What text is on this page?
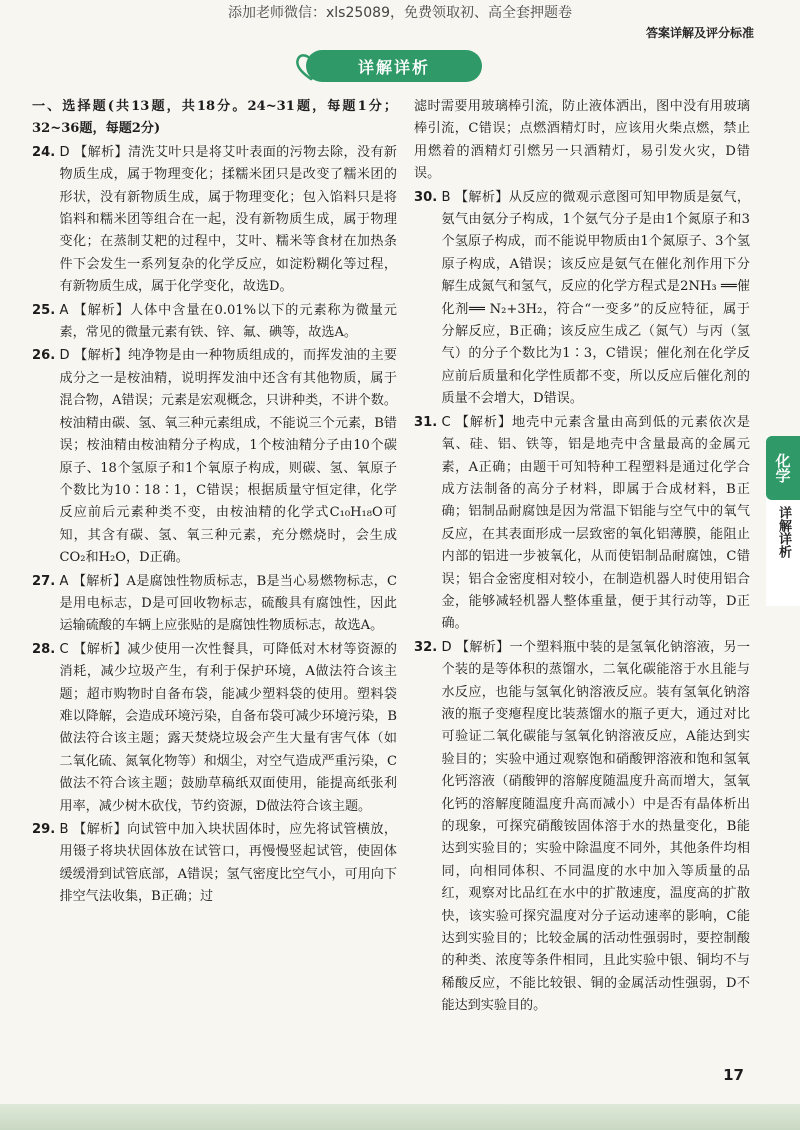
添加老师微信：xls25089，免费领取初、高全套押题卷
答案详解及评分标准
详解详析

一、选择题(共13题，共18分。24~31题，每题1分；32~36题，每题2分)

24. D 【解析】清洗艾叶只是将艾叶表面的污物去除，没有新物质生成，属于物理变化；揉糯米团只是改变了糯米团的形状，没有新物质生成，属于物理变化；包入馅料只是将馅料和糯米团等组合在一起，没有新物质生成，属于物理变化；在蒸制艾粑的过程中，艾叶、糯米等食材在加热条件下会发生一系列复杂的化学反应，如淀粉糊化等过程，有新物质生成，属于化学变化，故选D。

25. A 【解析】人体中含量在0.01%以下的元素称为微量元素，常见的微量元素有铁、锌、氟、碘等，故选A。

26. D 【解析】纯净物是由一种物质组成的，而挥发油的主要成分之一是桉油精，说明挥发油中还含有其他物质，属于混合物，A错误；元素是宏观概念，只讲种类，不讲个数。桉油精由碳、氢、氧三种元素组成，不能说三个元素，B错误；桉油精由桉油精分子构成，1个桉油精分子由10个碳原子、18个氢原子和1个氧原子构成，则碳、氢、氧原子个数比为10∶18∶1，C错误；根据质量守恒定律，化学反应前后元素种类不变，由桉油精的化学式C₁₀H₁₈O可知，其含有碳、氢、氧三种元素，充分燃烧时，会生成CO₂和H₂O，D正确。

27. A 【解析】A是腐蚀性物质标志，B是当心易燃物标志，C是用电标志，D是可回收物标志，硫酸具有腐蚀性，因此运输硫酸的车辆上应张贴的是腐蚀性物质标志，故选A。

28. C 【解析】减少使用一次性餐具，可降低对木材等资源的消耗，减少垃圾产生，有利于保护环境，A做法符合该主题；超市购物时自备布袋，能减少塑料袋的使用。塑料袋难以降解，会造成环境污染，自备布袋可减少环境污染，B做法符合该主题；露天焚烧垃圾会产生大量有害气体（如二氧化硫、氮氧化物等）和烟尘，对空气造成严重污染，C做法不符合该主题；鼓励草稿纸双面使用，能提高纸张利用率，减少树木砍伐，节约资源，D做法符合该主题。

29. B 【解析】向试管中加入块状固体时，应先将试管横放，用镊子将块状固体放在试管口，再慢慢竖起试管，使固体缓缓滑到试管底部，A错误；氢气密度比空气小，可用向下排空气法收集，B正确；过

滤时需要用玻璃棒引流，防止液体洒出，图中没有用玻璃棒引流，C错误；点燃酒精灯时，应该用火柴点燃，禁止用燃着的酒精灯引燃另一只酒精灯，易引发火灾，D错误。

30. B 【解析】从反应的微观示意图可知甲物质是氨气，氨气由氨分子构成，1个氨气分子是由1个氮原子和3个氢原子构成，而不能说甲物质由1个氮原子、3个氢原子构成，A错误；该反应是氨气在催化剂作用下分解生成氮气和氢气，反应的化学方程式是2NH₃ ══催化剂══ N₂+3H₂，符合“一变多”的反应特征，属于分解反应，B正确；该反应生成乙（氮气）与丙（氢气）的分子个数比为1∶3，C错误；催化剂在化学反应前后质量和化学性质都不变，所以反应后催化剂的质量不会增大，D错误。

31. C 【解析】地壳中元素含量由高到低的元素依次是氧、硅、铝、铁等，铝是地壳中含量最高的金属元素，A正确；由题干可知特种工程塑料是通过化学合成方法制备的高分子材料，即属于合成材料，B正确；铝制品耐腐蚀是因为常温下铝能与空气中的氧气反应，在其表面形成一层致密的氧化铝薄膜，能阻止内部的铝进一步被氧化，从而使铝制品耐腐蚀，C错误；铝合金密度相对较小，在制造机器人时使用铝合金，能够减轻机器人整体重量，便于其行动等，D正确。

32. D 【解析】一个塑料瓶中装的是氢氧化钠溶液，另一个装的是等体积的蒸馏水，二氧化碳能溶于水且能与水反应，也能与氢氧化钠溶液反应。装有氢氧化钠溶液的瓶子变瘪程度比装蒸馏水的瓶子更大，通过对比可验证二氧化碳能与氢氧化钠溶液反应，A能达到实验目的；实验中通过观察饱和硝酸钾溶液和饱和氢氧化钙溶液（硝酸钾的溶解度随温度升高而增大，氢氧化钙的溶解度随温度升高而减小）中是否有晶体析出的现象，可探究硝酸铵固体溶于水的热量变化，B能达到实验目的；实验中除温度不同外，其他条件均相同，向相同体积、不同温度的水中加入等质量的品红，观察对比品红在水中的扩散速度，温度高的扩散快，该实验可探究温度对分子运动速率的影响，C能达到实验目的；比较金属的活动性强弱时，要控制酸的种类、浓度等条件相同，且此实验中银、铜均不与稀酸反应，不能比较银、铜的金属活动性强弱，D不能达到实验目的。

化学
详解详析
17
